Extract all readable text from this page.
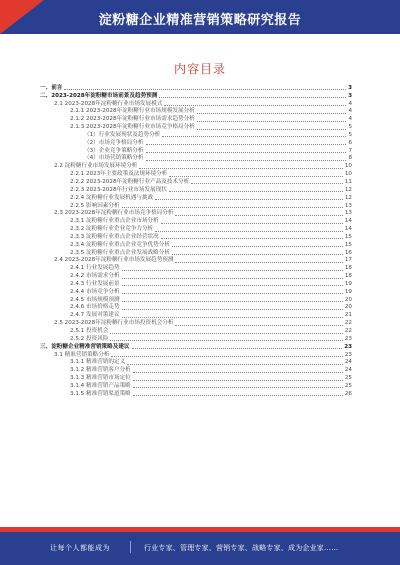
淀粉糖企业精准营销策略研究报告
内容目录
一、前言	3
二、2023-2028年淀粉糖市场前景及趋势预测	3
2.1 2023-2028年淀粉糖行业市场发展模式	4
2.1.1 2023-2028年淀粉糖行业市场规模发展分析	4
2.1.2 2023-2028年淀粉糖行业市场需求趋势分析	4
2.1.3 2023-2028年淀粉糖行业市场竞争格局分析	5
（1）行业发展现状及趋势分析	5
（2）市场竞争格局分析	6
（3）企业竞争策略分析	7
（4）市场营销策略分析	8
2.2 淀粉糖行业市场发展环境分析	10
2.2.1 2023年主要政策及法规环境分析	10
2.2.2 2023-2028年淀粉糖行业产品及技术分析	11
2.2.3 2023-2028年行业市场发展现状	12
2.2.4 淀粉糖行业发展机遇与挑战	12
2.2.5 影响因素分析	13
2.3 2023-2028年淀粉糖行业市场竞争格局分析	13
2.3.1 淀粉糖行业重点企业市场分析	14
2.3.2 淀粉糖行业企业竞争力分析	14
2.3.3 淀粉糖行业重点企业经营状况	15
2.3.4 淀粉糖行业重点企业竞争优势分析	15
2.3.5 淀粉糖行业重点企业发展战略分析	16
2.4 2023-2028年淀粉糖行业市场发展趋势预测	17
2.4.1 行业发展趋势	18
2.4.2 市场需求分析	18
2.4.3 行业发展前景	19
2.4.4 市场竞争分析	19
2.4.5 市场规模预测	20
2.4.6 市场价格走势	20
2.4.7 发展对策建议	21
2.5 2023-2028年淀粉糖行业市场投资机会分析	22
2.5.1 投资机会	22
2.5.2 投资风险	23
三、淀粉糖企业精准营销策略及建议	23
3.1 精准营销策略分析	23
3.1.1 精准营销的定义	24
3.1.2 精准营销客户分析	24
3.1.3 精准营销市场定位	25
3.1.4 精准营销产品策略	25
3.1.5 精准营销渠道策略	26
让每个人都能成为	行业专家、管理专家、营销专家、战略专家、成为企业家……
